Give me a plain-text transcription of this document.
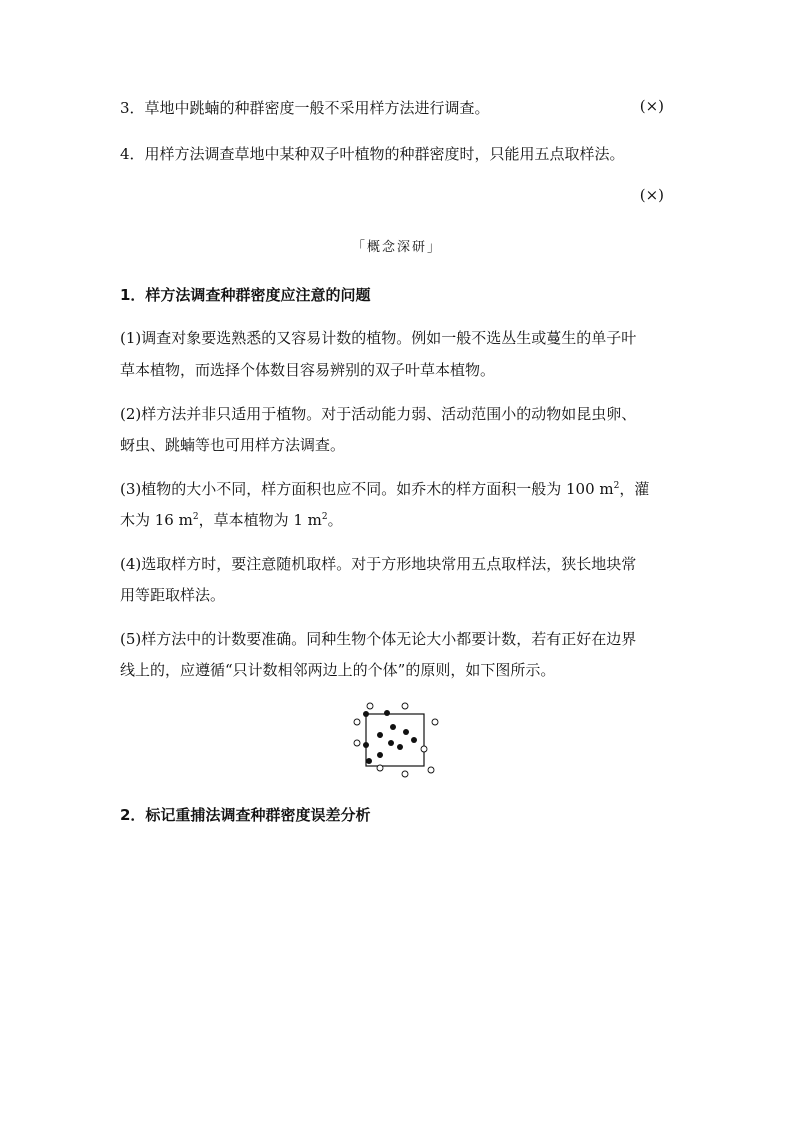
3．草地中跳蝻的种群密度一般不采用样方法进行调查。	(×)
4．用样方法调查草地中某种双子叶植物的种群密度时，只能用五点取样法。
(×)
「概念深研」
1．样方法调查种群密度应注意的问题
(1)调查对象要选熟悉的又容易计数的植物。例如一般不选丛生或蔓生的单子叶
草本植物，而选择个体数目容易辨别的双子叶草本植物。
(2)样方法并非只适用于植物。对于活动能力弱、活动范围小的动物如昆虫卵、
蚜虫、跳蝻等也可用样方法调查。
(3)植物的大小不同，样方面积也应不同。如乔木的样方面积一般为 100 $m^2$，灌
木为 16 $m^2$，草本植物为 1 $m^2$。
(4)选取样方时，要注意随机取样。对于方形地块常用五点取样法，狭长地块常
用等距取样法。
(5)样方法中的计数要准确。同种生物个体无论大小都要计数，若有正好在边界
线上的，应遵循“只计数相邻两边上的个体”的原则，如下图所示。
2．标记重捕法调查种群密度误差分析
